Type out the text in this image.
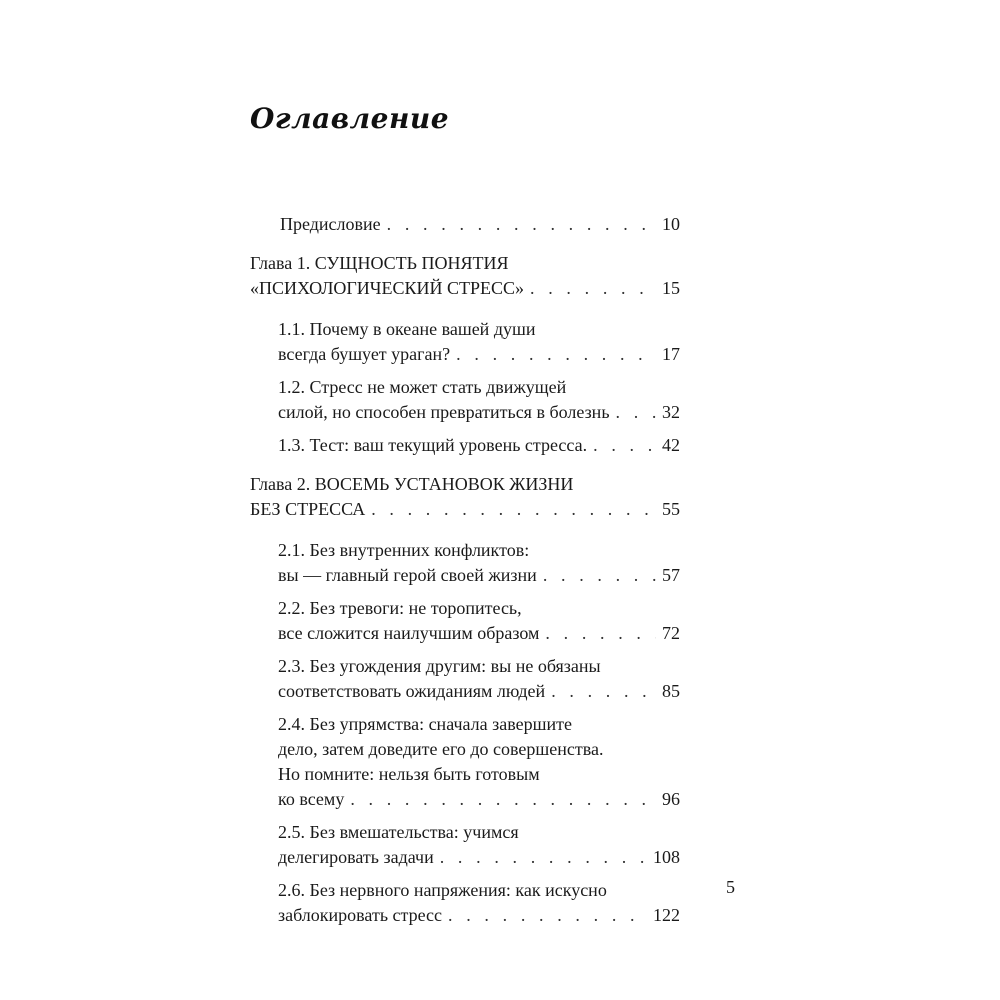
Оглавление
Предисловие . . .	10
Глава 1. СУЩНОСТЬ ПОНЯТИЯ
«ПСИХОЛОГИЧЕСКИЙ СТРЕСС» . . .	15
1.1. Почему в океане вашей души
всегда бушует ураган? . . .	17
1.2. Стресс не может стать движущей
силой, но способен превратиться в болезнь . . .	32
1.3. Тест: ваш текущий уровень стресса. . . .	42
Глава 2. ВОСЕМЬ УСТАНОВОК ЖИЗНИ
БЕЗ СТРЕССА . . .	55
2.1. Без внутренних конфликтов:
вы — главный герой своей жизни . . .	57
2.2. Без тревоги: не торопитесь,
все сложится наилучшим образом . . .	72
2.3. Без угождения другим: вы не обязаны
соответствовать ожиданиям людей . . .	85
2.4. Без упрямства: сначала завершите
дело, затем доведите его до совершенства.
Но помните: нельзя быть готовым
ко всему . . .	96
2.5. Без вмешательства: учимся
делегировать задачи . . .	108
2.6. Без нервного напряжения: как искусно
заблокировать стресс . . .	122
5
